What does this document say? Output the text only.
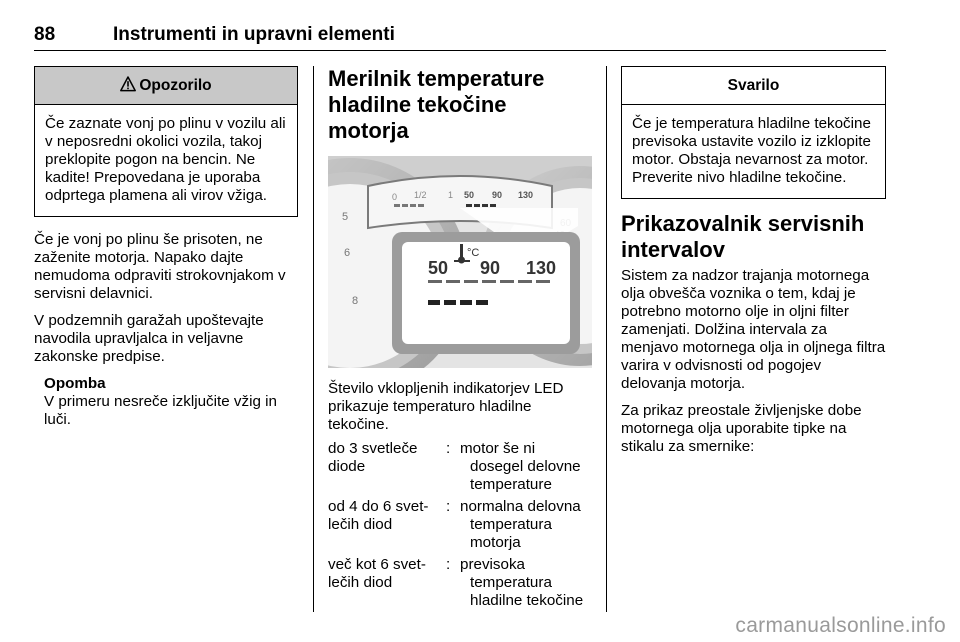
88	Instrumenti in upravni elementi
Opozorilo

Če zaznate vonj po plinu v vozilu ali v neposredni okolici vozila, takoj preklopite pogon na bencin. Ne kadite! Prepovedana je uporaba odprtega plamena ali virov vžiga.

Če je vonj po plinu še prisoten, ne zaženite motorja. Napako dajte nemudoma odpraviti strokovnjakom v servisni delavnici.

V podzemnih garažah upoštevajte navodila upravljalca in veljavne zakonske predpise.

Opomba

V primeru nesreče izključite vžig in luči.

Merilnik temperature hladilne tekočine motorja

5
6
8
0 1/2 1 50 90 130
50 90 130
°C

Število vklopljenih indikatorjev LED prikazuje temperaturo hladilne tekočine.

do 3 svetleče diode
: motor še ni dosegel delovne temperature
od 4 do 6 svet- lečih diod
: normalna delovna temperatura motorja
več kot 6 svet- lečih diod
: previsoka temperatura hladilne tekočine
Svarilo

Če je temperatura hladilne tekočine previsoka ustavite vozilo iz izklopite motor. Obstaja nevarnost za motor. Preverite nivo hladilne tekočine.

Prikazovalnik servisnih intervalov

Sistem za nadzor trajanja motornega olja obvešča voznika o tem, kdaj je potrebno motorno olje in oljni filter zamenjati. Dolžina intervala za menjavo motornega olja in oljnega filtra varira v odvisnosti od pogojev delovanja motorja.

Za prikaz preostale življenjske dobe motornega olja uporabite tipke na stikalu za smernike:

carmanualsonline.info
